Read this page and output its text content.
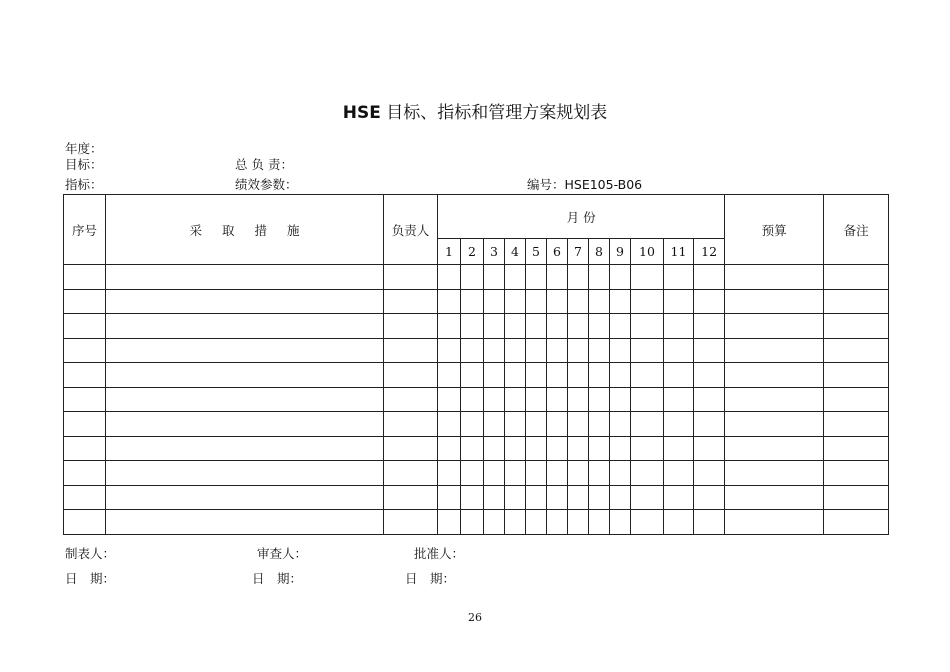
HSE 目标、指标和管理方案规划表
年度：
目标：	总 负 责：
指标：	绩效参数：	编号：HSE105-B06
序号	采取措施	负责人	月 份												预算	备注
			1	2	3	4	5	6	7	8	9	10	11	12		

制表人：	审查人：	批准人：
日　期：	日　期：	日　期：
26
